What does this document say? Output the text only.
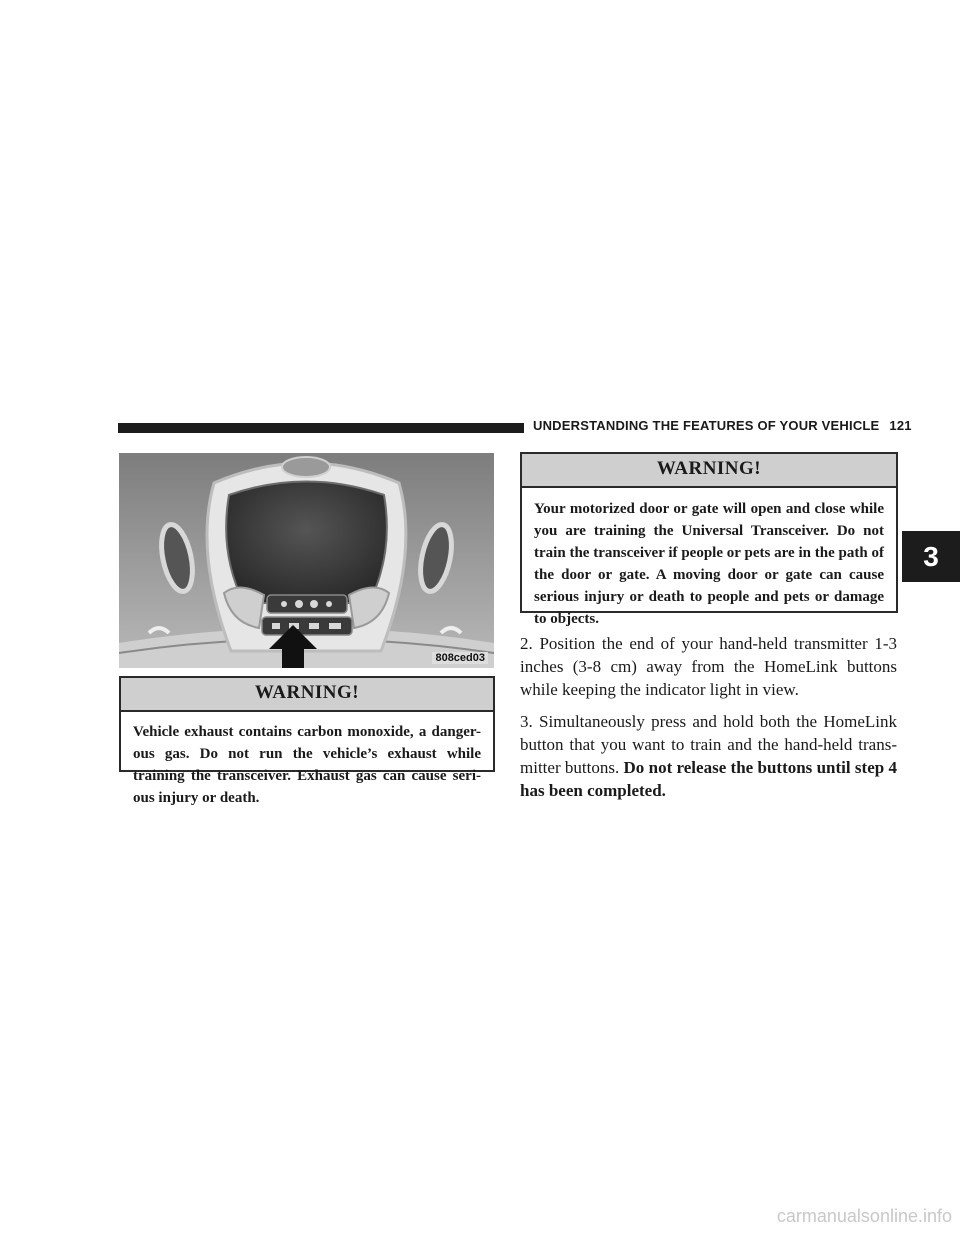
UNDERSTANDING THE FEATURES OF YOUR VEHICLE 121
3
808ced03
WARNING!
Vehicle exhaust contains carbon monoxide, a danger-ous gas. Do not run the vehicle’s exhaust while training the transceiver. Exhaust gas can cause seri-ous injury or death.
WARNING!
Your motorized door or gate will open and close while you are training the Universal Transceiver. Do not train the transceiver if people or pets are in the path of the door or gate. A moving door or gate can cause serious injury or death to people and pets or damage to objects.
2. Position the end of your hand-held transmitter 1-3 inches (3-8 cm) away from the HomeLink buttons while keeping the indicator light in view.
3. Simultaneously press and hold both the HomeLink button that you want to train and the hand-held trans-mitter buttons. Do not release the buttons until step 4 has been completed.
carmanualsonline.info
